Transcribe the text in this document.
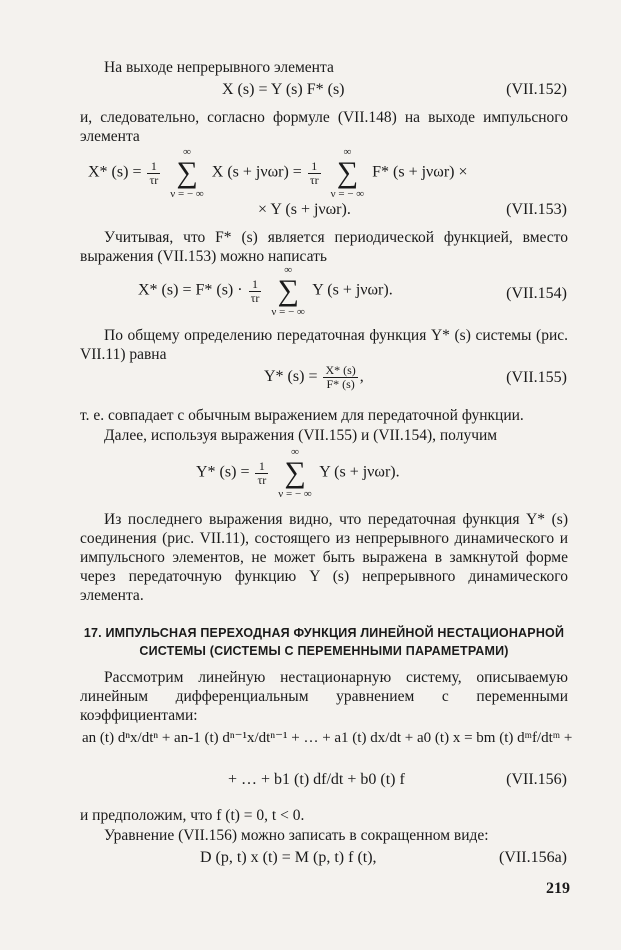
На выходе непрерывного элемента
X (s) = Y (s) F* (s)	(VII.152)
и, следовательно, согласно формуле (VII.148) на выходе импульсного элемента
X* $(s) = \frac{1}{\tau r}$

∞
∑
ν = − ∞
X $(s + j\nu\omega r) = \frac{1}{\tau r}$

∞
∑
ν = − ∞
F* (s + jνωr) ×
× Y (s + jνωr).	(VII.153)
Учитывая, что F* (s) является периодической функцией, вместо выражения (VII.153) можно написать
X* (s) = F* $(s) \cdot \frac{1}{\tau r}$

∞
∑
ν = − ∞
Y (s + jνωr).	(VII.154)
По общему определению передаточная функция Y* (s) системы (рис. VII.11) равна
Y* $(s) = \frac{X* (s)}{F* (s)}$ ,	(VII.155)
т. е. совпадает с обычным выражением для передаточной функции.
Далее, используя выражения (VII.155) и (VII.154), получим
Y* $(s) = \frac{1}{\tau r}$

∞
∑
ν = − ∞
Y (s + jνωr).
Из последнего выражения видно, что передаточная функция Y* (s) соединения (рис. VII.11), состоящего из непрерывного динамического и импульсного элементов, не может быть выражена в замкнутой форме через передаточную функцию Y (s) непрерывного динамического элемента.
17. ИМПУЛЬСНАЯ ПЕРЕХОДНАЯ ФУНКЦИЯ ЛИНЕЙНОЙ НЕСТАЦИОНАРНОЙ СИСТЕМЫ (СИСТЕМЫ С ПЕРЕМЕННЫМИ ПАРАМЕТРАМИ)
Рассмотрим линейную нестационарную систему, описываемую линейным дифференциальным уравнением с переменными коэффициентами:
an (t) dⁿx/dtⁿ + an-1 (t) dⁿ⁻¹x/dtⁿ⁻¹ + … + a1 (t) dx/dt + a0 (t) x = bm (t) dᵐf/dtᵐ +
+ … + b1 (t) df/dt + b0 (t) f	(VII.156)
и предположим, что f (t) = 0, t < 0.
Уравнение (VII.156) можно записать в сокращенном виде:
D (p, t) x (t) = M (p, t) f (t),	(VII.156а)
219
